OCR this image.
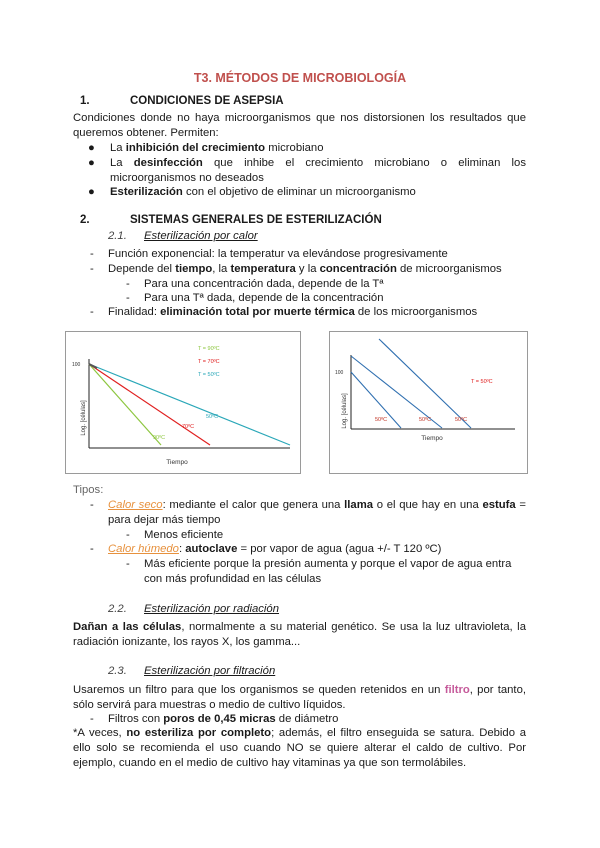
T3. MÉTODOS DE MICROBIOLOGÍA
1.	CONDICIONES DE ASEPSIA
Condiciones donde no haya microorganismos que nos distorsionen los resultados que queremos obtener. Permiten:
●	La inhibición del crecimiento microbiano
●	La desinfección que inhibe el crecimiento microbiano o eliminan los microorganismos no deseados
●	Esterilización con el objetivo de eliminar un microorganismo
2.	SISTEMAS GENERALES DE ESTERILIZACIÓN
2.1. Esterilización por calor
-	Función exponencial: la temperatur va elevándose progresivamente
-	Depende del tiempo, la temperatura y la concentración de microorganismos
-	Para una concentración dada, depende de la Tª
-	Para una Tª dada, depende de la concentración
-	Finalidad: eliminación total por muerte térmica de los microorganismos
100
Log. [células]
Tiempo
T = 90ºC
T = 70ºC
T = 50ºC
90ºC
70ºC
50ºC
100
Log. [células]
Tiempo
T = 50ºC
50ºC	50ºC	50ºC
Tipos:
-	Calor seco: mediante el calor que genera una llama o el que hay en una estufa = para dejar más tiempo
-	Menos eficiente
-	Calor húmedo: autoclave = por vapor de agua (agua +/- T 120 ºC)
-	Más eficiente porque la presión aumenta y porque el vapor de agua entra con más profundidad en las células
2.2. Esterilización por radiación
Dañan a las células, normalmente a su material genético. Se usa la luz ultravioleta, la radiación ionizante, los rayos X, los gamma...
2.3. Esterilización por filtración
Usaremos un filtro para que los organismos se queden retenidos en un filtro, por tanto, sólo servirá para muestras o medio de cultivo líquidos.
-	Filtros con poros de 0,45 micras de diámetro
*A veces, no esteriliza por completo; además, el filtro enseguida se satura. Debido a ello solo se recomienda el uso cuando NO se quiere alterar el caldo de cultivo. Por ejemplo, cuando en el medio de cultivo hay vitaminas ya que son termolábiles.
